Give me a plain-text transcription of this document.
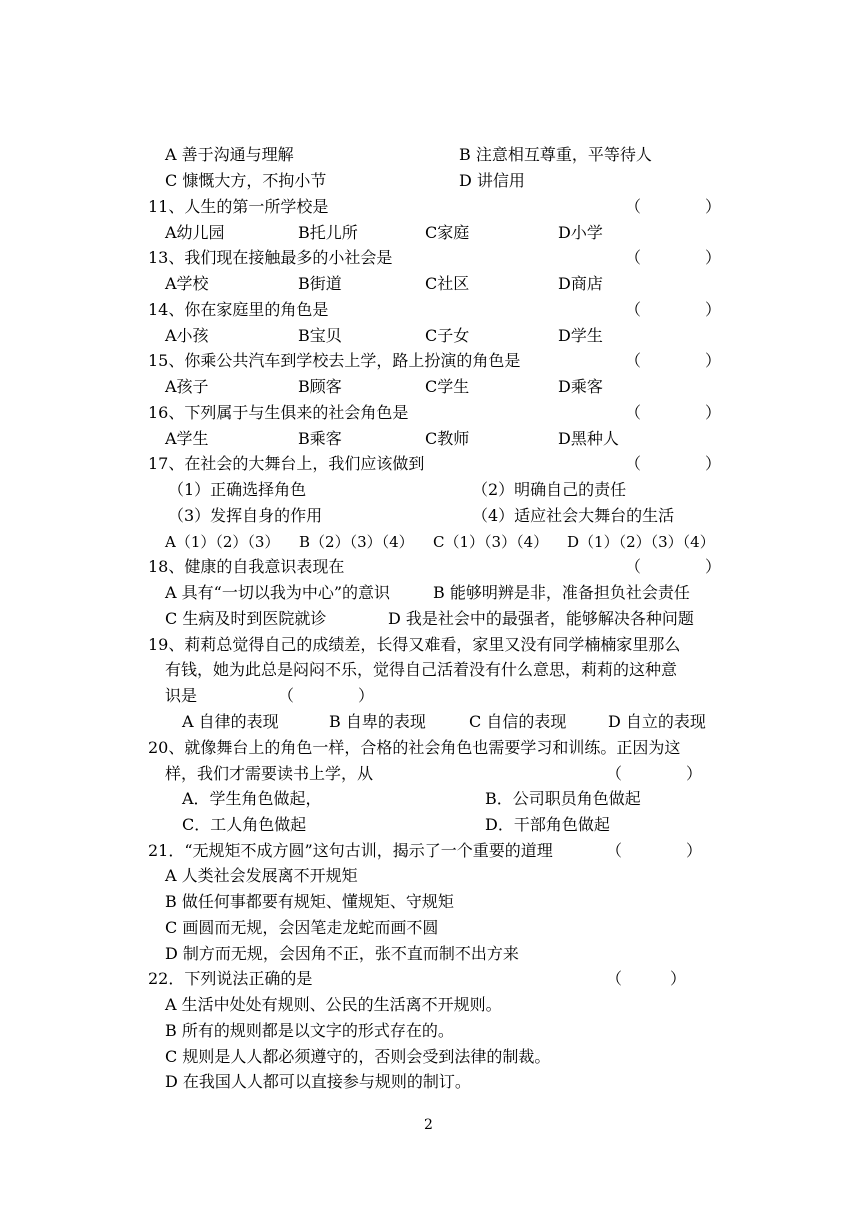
A 善于沟通与理解	B 注意相互尊重，平等待人
C 慷慨大方，不拘小节	D 讲信用
11、人生的第一所学校是	（　　　　）
A幼儿园	B托儿所	C家庭	D小学
13、我们现在接触最多的小社会是	（　　　　）
A学校	B街道	C社区	D商店
14、你在家庭里的角色是	（　　　　）
A小孩	B宝贝	C子女	D学生
15、你乘公共汽车到学校去上学，路上扮演的角色是	（　　　　）
A孩子	B顾客	C学生	D乘客
16、下列属于与生俱来的社会角色是	（　　　　）
A学生	B乘客	C教师	D黑种人
17、在社会的大舞台上，我们应该做到	（　　　　）
（1）正确选择角色	（2）明确自己的责任
（3）发挥自身的作用	（4）适应社会大舞台的生活
A（1）（2）（3） B（2）（3）（4） C（1）（3）（4） D（1）（2）（3）（4）
18、健康的自我意识表现在	（　　　　）
A 具有“一切以我为中心”的意识	B 能够明辨是非，准备担负社会责任
C 生病及时到医院就诊	D 我是社会中的最强者，能够解决各种问题
19、莉莉总觉得自己的成绩差，长得又难看，家里又没有同学楠楠家里那么
有钱，她为此总是闷闷不乐，觉得自己活着没有什么意思，莉莉的这种意
识是	（　　　　）
A 自律的表现	B 自卑的表现	C 自信的表现	D 自立的表现
20、就像舞台上的角色一样，合格的社会角色也需要学习和训练。正因为这
样，我们才需要读书上学，从	（　　　　）
A．学生角色做起，	B．公司职员角色做起
C．工人角色做起	D．干部角色做起
21．“无规矩不成方圆”这句古训，揭示了一个重要的道理	（　　　　）
A 人类社会发展离不开规矩
B 做任何事都要有规矩、懂规矩、守规矩
C 画圆而无规，会因笔走龙蛇而画不圆
D 制方而无规，会因角不正，张不直而制不出方来
22．下列说法正确的是	（　　　）
A 生活中处处有规则、公民的生活离不开规则。
B 所有的规则都是以文字的形式存在的。
C 规则是人人都必须遵守的，否则会受到法律的制裁。
D 在我国人人都可以直接参与规则的制订。
2
